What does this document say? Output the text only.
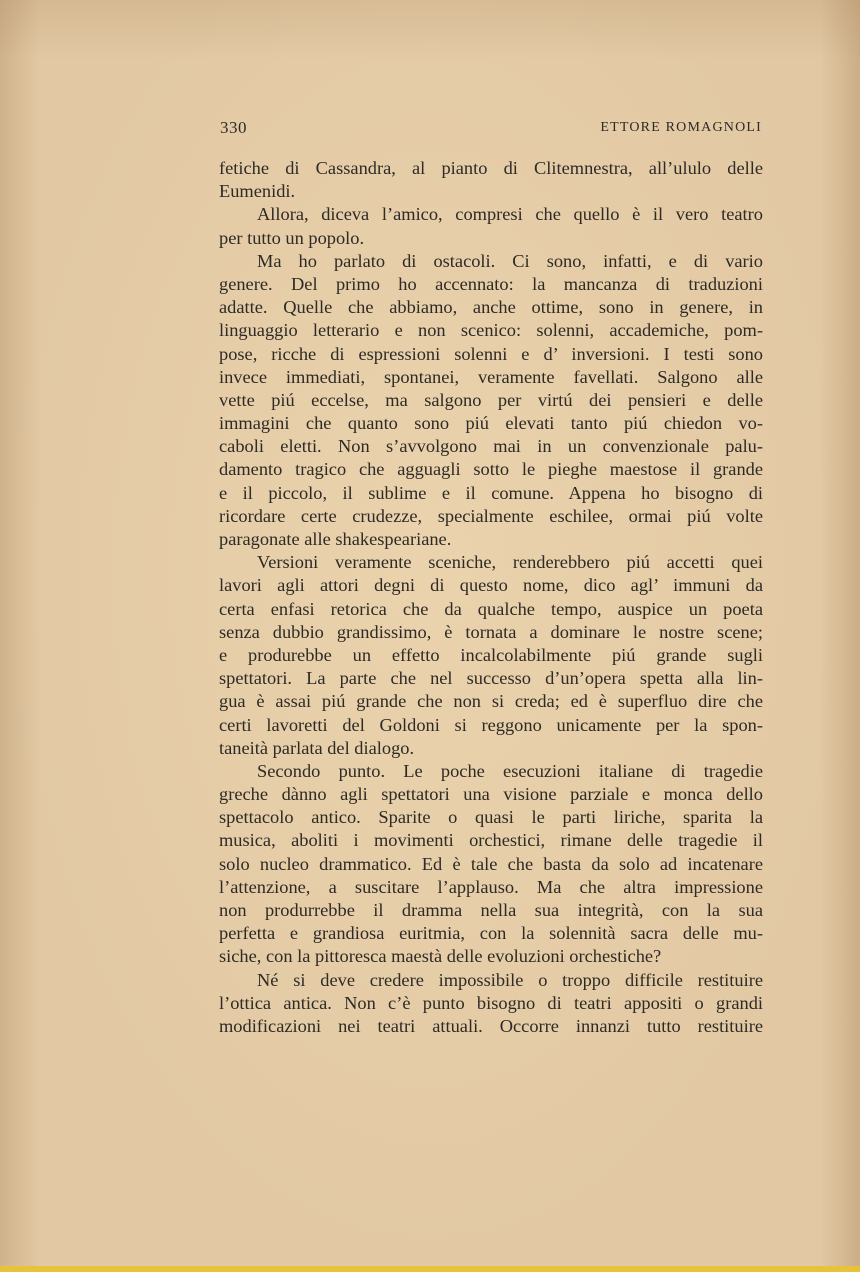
330	ETTORE ROMAGNOLI
fetiche di Cassandra, al pianto di Clitemnestra, all’ululo delle
Eumenidi.
Allora, diceva l’amico, compresi che quello è il vero teatro
per tutto un popolo.
Ma ho parlato di ostacoli. Ci sono, infatti, e di vario
genere. Del primo ho accennato: la mancanza di traduzioni
adatte. Quelle che abbiamo, anche ottime, sono in genere, in
linguaggio letterario e non scenico: solenni, accademiche, pom-
pose, ricche di espressioni solenni e d’ inversioni. I testi sono
invece immediati, spontanei, veramente favellati. Salgono alle
vette piú eccelse, ma salgono per virtú dei pensieri e delle
immagini che quanto sono piú elevati tanto piú chiedon vo-
caboli eletti. Non s’avvolgono mai in un convenzionale palu-
damento tragico che agguagli sotto le pieghe maestose il grande
e il piccolo, il sublime e il comune. Appena ho bisogno di
ricordare certe crudezze, specialmente eschilee, ormai piú volte
paragonate alle shakespeariane.
Versioni veramente sceniche, renderebbero piú accetti quei
lavori agli attori degni di questo nome, dico agl’ immuni da
certa enfasi retorica che da qualche tempo, auspice un poeta
senza dubbio grandissimo, è tornata a dominare le nostre scene;
e produrebbe un effetto incalcolabilmente piú grande sugli
spettatori. La parte che nel successo d’un’opera spetta alla lin-
gua è assai piú grande che non si creda; ed è superfluo dire che
certi lavoretti del Goldoni si reggono unicamente per la spon-
taneità parlata del dialogo.
Secondo punto. Le poche esecuzioni italiane di tragedie
greche dànno agli spettatori una visione parziale e monca dello
spettacolo antico. Sparite o quasi le parti liriche, sparita la
musica, aboliti i movimenti orchestici, rimane delle tragedie il
solo nucleo drammatico. Ed è tale che basta da solo ad incatenare
l’attenzione, a suscitare l’applauso. Ma che altra impressione
non produrrebbe il dramma nella sua integrità, con la sua
perfetta e grandiosa euritmia, con la solennità sacra delle mu-
siche, con la pittoresca maestà delle evoluzioni orchestiche?
Né si deve credere impossibile o troppo difficile restituire
l’ottica antica. Non c’è punto bisogno di teatri appositi o grandi
modificazioni nei teatri attuali. Occorre innanzi tutto restituire
